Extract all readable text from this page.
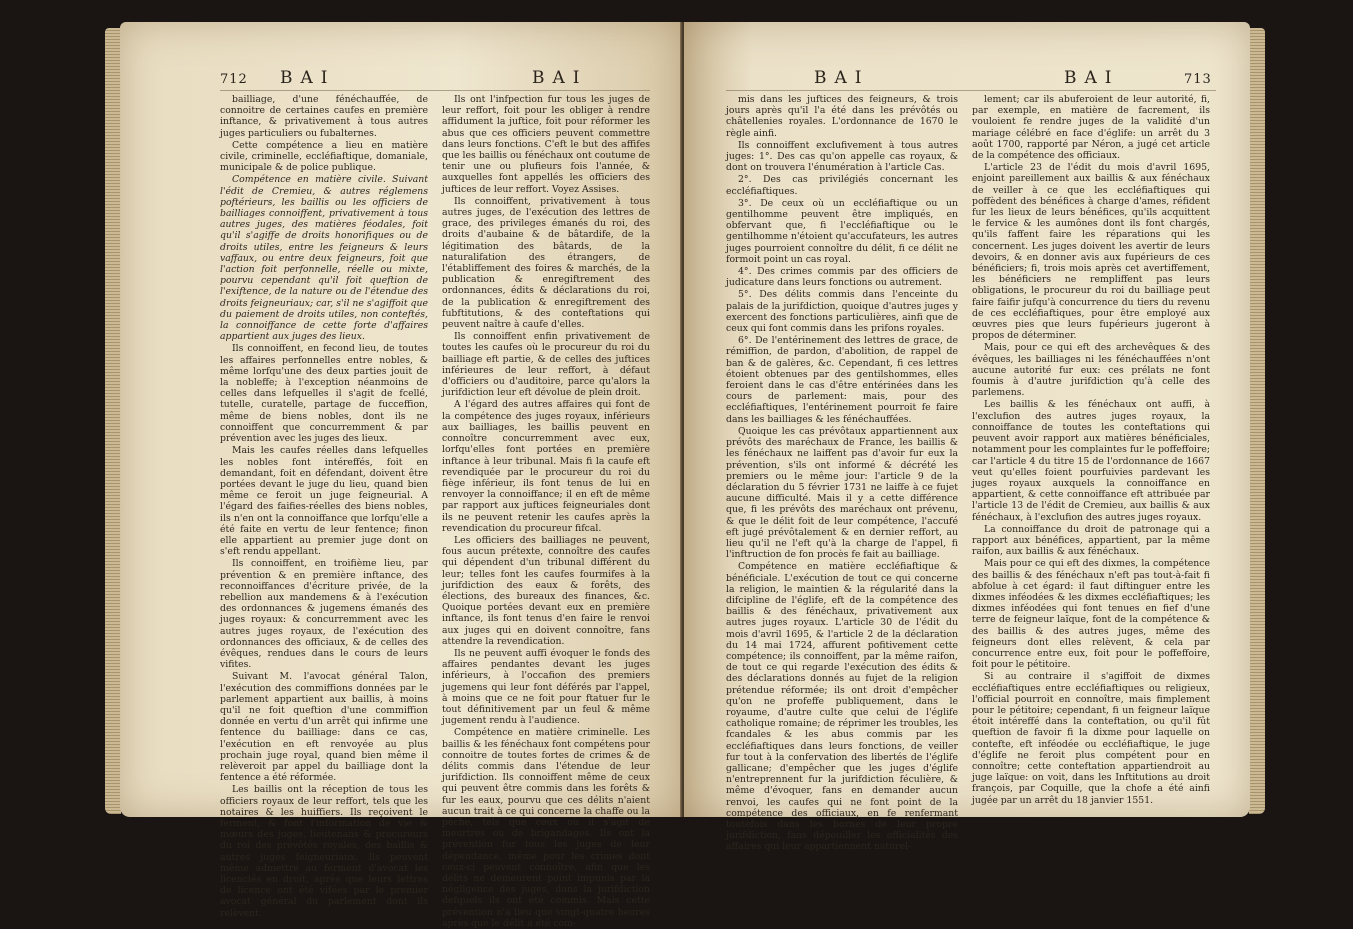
712 BAI	BAI

bailliage, d'une fénéchauffée, de connoitre de certaines caufes en première inftance, & privativement à tous autres juges particuliers ou fubalternes.

Cette compétence a lieu en matière civile, criminelle, eccléfiaftique, domaniale, municipale & de police publique.

Compétence en matière civile. Suivant l'édit de Cremieu, & autres réglemens poftérieurs, les baillis ou les officiers de bailliages connoiffent, privativement à tous autres juges, des matières féodales, foit qu'il s'agiffe de droits honorifiques ou de droits utiles, entre les feigneurs & leurs vaffaux, ou entre deux feigneurs, foit que l'action foit perfonnelle, réelle ou mixte, pourvu cependant qu'il foit queftion de l'exiftence, de la nature ou de l'étendue des droits feigneuriaux; car, s'il ne s'agiffoit que du paiement de droits utiles, non conteftés, la connoiffance de cette forte d'affaires appartient aux juges des lieux.

Ils connoiffent, en fecond lieu, de toutes les affaires perfonnelles entre nobles, & même lorfqu'une des deux parties jouit de la nobleffe; à l'exception néanmoins de celles dans lefquelles il s'agit de fcellé, tutelle, curatelle, partage de fucceffion, même de biens nobles, dont ils ne connoiffent que concurremment & par prévention avec les juges des lieux.

Mais les caufes réelles dans lefquelles les nobles font intéreffés, foit en demandant, foit en défendant, doivent être portées devant le juge du lieu, quand bien même ce feroit un juge feigneurial. A l'égard des faifies-réelles des biens nobles, ils n'en ont la connoiffance que lorfqu'elle a été faite en vertu de leur fentence; finon elle appartient au premier juge dont on s'eft rendu appellant.

Ils connoiffent, en troifième lieu, par prévention & en première inftance, des reconnoiffances d'écriture privée, de la rebellion aux mandemens & à l'exécution des ordonnances & jugemens émanés des juges royaux: & concurremment avec les autres juges royaux, de l'exécution des ordonnances des officiaux, & de celles des évêques, rendues dans le cours de leurs vifites.

Suivant M. l'avocat général Talon, l'exécution des commiffions données par le parlement appartient aux baillis, à moins qu'il ne foit queftion d'une commiffion donnée en vertu d'un arrêt qui infirme une fentence du bailliage: dans ce cas, l'exécution en eft renvoyée au plus prochain juge royal, quand bien même il relèveroit par appel du bailliage dont la fentence a été réformée.

Les baillis ont la réception de tous les officiers royaux de leur reffort, tels que les notaires & les huiffiers. Ils reçoivent le ferment, & font l'information de vie & mœurs des juges, lieutenans & procureurs du roi des prévôtés royales, des baillis & autres juges feigneuriaux. Ils peuvent même admettre au ferment d'avocat les licenciés en droit, après que leurs lettres de licence ont été vifées par le premier avocat général du parlement dont ils relèvent.

Ils ont l'infpection fur tous les juges de leur reffort, foit pour les obliger à rendre affidument la juftice, foit pour réformer les abus que ces officiers peuvent commettre dans leurs fonctions. C'eft le but des affifes que les baillis ou fénéchaux ont coutume de tenir une ou plufieurs fois l'année, & auxquelles font appellés les officiers des juftices de leur reffort. Voyez Assises.

Ils connoiffent, privativement à tous autres juges, de l'exécution des lettres de grace, des privileges émanés du roi, des droits d'aubaine & de bâtardife, de la légitimation des bâtards, de la naturalifation des étrangers, de l'établiffement des foires & marchés, de la publication & enregiftrement des ordonnances, édits & déclarations du roi, de la publication & enregiftrement des fubftitutions, & des conteftations qui peuvent naître à caufe d'elles.

Ils connoiffent enfin privativement de toutes les caufes où le procureur du roi du bailliage eft partie, & de celles des juftices inférieures de leur reffort, à défaut d'officiers ou d'auditoire, parce qu'alors la jurifdiction leur eft dévolue de plein droit.

A l'égard des autres affaires qui font de la compétence des juges royaux, inférieurs aux bailliages, les baillis peuvent en connoître concurremment avec eux, lorfqu'elles font portées en première inftance à leur tribunal. Mais fi la caufe eft revendiquée par le procureur du roi du fiège inférieur, ils font tenus de lui en renvoyer la connoiffance; il en eft de même par rapport aux juftices feigneuriales dont ils ne peuvent retenir les caufes après la revendication du procureur fifcal.

Les officiers des bailliages ne peuvent, fous aucun prétexte, connoître des caufes qui dépendent d'un tribunal différent du leur; telles font les caufes fourmifes à la jurifdiction des eaux & forêts, des élections, des bureaux des finances, &c. Quoique portées devant eux en première inftance, ils font tenus d'en faire le renvoi aux juges qui en doivent connoître, fans attendre la revendication.

Ils ne peuvent auffi évoquer le fonds des affaires pendantes devant les juges inférieurs, à l'occafion des premiers jugemens qui leur font déférés par l'appel, à moins que ce ne foit pour ftatuer fur le tout définitivement par un feul & même jugement rendu à l'audience.

Compétence en matière criminelle. Les baillis & les fénéchaux font compétens pour connoitre de toutes fortes de crimes & de délits commis dans l'étendue de leur jurifdiction. Ils connoiffent même de ceux qui peuvent être commis dans les forêts & fur les eaux, pourvu que ces délits n'aient aucun trait à ce qui concerne la chaffe ou la pêche, tels que ceux où il s'agit de meurtres ou de brigandages. Ils ont la prévention fur tous les juges de leur dépendance, même pour les crimes dont ceux-ci peuvent connoître, afin que les délits ne demeurent point impunis par la négligence des juges, dans la jurifdiction defquels ils ont été commis. Mais cette prévention n'a lieu que vingt-quatre heures après que le délit a été com-

BAI	BAI	713

mis dans les juftices des feigneurs, & trois jours après qu'il l'a été dans les prévôtés ou châtellenies royales. L'ordonnance de 1670 le règle ainfi.

Ils connoiffent exclufivement à tous autres juges: 1°. Des cas qu'on appelle cas royaux, & dont on trouvera l'énumération à l'article Cas.

2°. Des cas privilégiés concernant les eccléfiaftiques.

3°. De ceux où un eccléfiaftique ou un gentilhomme peuvent être impliqués, en obfervant que, fi l'eccléfiaftique ou le gentilhomme n'étoient qu'accufateurs, les autres juges pourroient connoître du délit, fi ce délit ne formoit point un cas royal.

4°. Des crimes commis par des officiers de judicature dans leurs fonctions ou autrement.

5°. Des délits commis dans l'enceinte du palais de la jurifdiction, quoique d'autres juges y exercent des fonctions particulières, ainfi que de ceux qui font commis dans les prifons royales.

6°. De l'entérinement des lettres de grace, de rémiffion, de pardon, d'abolition, de rappel de ban & de galères, &c. Cependant, fi ces lettres étoient obtenues par des gentilshommes, elles feroient dans le cas d'être entérinées dans les cours de parlement: mais, pour des eccléfiaftiques, l'entérinement pourroit fe faire dans les bailliages & les fénéchauffées.

Quoique les cas prévôtaux appartiennent aux prévôts des maréchaux de France, les baillis & les fénéchaux ne laiffent pas d'avoir fur eux la prévention, s'ils ont informé & décrété les premiers ou le même jour: l'article 9 de la déclaration du 5 février 1731 ne laiffe à ce fujet aucune difficulté. Mais il y a cette différence que, fi les prévôts des maréchaux ont prévenu, & que le délit foit de leur compétence, l'accufé eft jugé prévôtalement & en dernier reffort, au lieu qu'il ne l'eft qu'à la charge de l'appel, fi l'inftruction de fon procès fe fait au bailliage.

Compétence en matière eccléfiaftique & bénéficiale. L'exécution de tout ce qui concerne la religion, le maintien & la régularité dans la difcipline de l'églife, eft de la compétence des baillis & des fénéchaux, privativement aux autres juges royaux. L'article 30 de l'édit du mois d'avril 1695, & l'article 2 de la déclaration du 14 mai 1724, affurent pofitivement cette compétence; ils connoiffent, par la même raifon, de tout ce qui regarde l'exécution des édits & des déclarations donnés au fujet de la religion prétendue réformée; ils ont droit d'empêcher qu'on ne profeffe publiquement, dans le royaume, d'autre culte que celui de l'églife catholique romaine; de réprimer les troubles, les fcandales & les abus commis par les eccléfiaftiques dans leurs fonctions, de veiller fur tout à la confervation des libertés de l'églife gallicane; d'empêcher que les juges d'églife n'entreprennent fur la jurifdiction féculière, & même d'évoquer, fans en demander aucun renvoi, les caufes qui ne font point de la compétence des officiaux, en fe renfermant toutefois dans les bornes de leur propre jurifdiction, fans dépouiller les officialités des affaires qui leur appartiennent naturel-

lement; car ils abuferoient de leur autorité, fi, par exemple, en matière de facrement, ils vouloient fe rendre juges de la validité d'un mariage célébré en face d'églife: un arrêt du 3 août 1700, rapporté par Néron, a jugé cet article de la compétence des officiaux.

L'article 23 de l'édit du mois d'avril 1695, enjoint pareillement aux baillis & aux fénéchaux de veiller à ce que les eccléfiaftiques qui poffèdent des bénéfices à charge d'ames, réfident fur les lieux de leurs bénéfices, qu'ils acquittent le fervice & les aumônes dont ils font chargés, qu'ils faffent faire les réparations qui les concernent. Les juges doivent les avertir de leurs devoirs, & en donner avis aux fupérieurs de ces bénéficiers; fi, trois mois après cet avertiffement, les bénéficiers ne rempliffent pas leurs obligations, le procureur du roi du bailliage peut faire faifir jufqu'à concurrence du tiers du revenu de ces eccléfiaftiques, pour être employé aux œuvres pies que leurs fupérieurs jugeront à propos de déterminer.

Mais, pour ce qui eft des archevêques & des évêques, les bailliages ni les fénéchauffées n'ont aucune autorité fur eux: ces prélats ne font foumis à d'autre jurifdiction qu'à celle des parlemens.

Les baillis & les fénéchaux ont auffi, à l'exclufion des autres juges royaux, la connoiffance de toutes les conteftations qui peuvent avoir rapport aux matières bénéficiales, notamment pour les complaintes fur le poffeffoire; car l'article 4 du titre 15 de l'ordonnance de 1667 veut qu'elles foient pourfuivies pardevant les juges royaux auxquels la connoiffance en appartient, & cette connoiffance eft attribuée par l'article 13 de l'édit de Cremieu, aux baillis & aux fénéchaux, à l'exclufion des autres juges royaux.

La connoiffance du droit de patronage qui a rapport aux bénéfices, appartient, par la même raifon, aux baillis & aux fénéchaux.

Mais pour ce qui eft des dixmes, la compétence des baillis & des fénéchaux n'eft pas tout-à-fait fi abfolue à cet égard: il faut diftinguer entre les dixmes inféodées & les dixmes eccléfiaftiques; les dixmes inféodées qui font tenues en fief d'une terre de feigneur laïque, font de la compétence & des baillis & des autres juges, même des feigneurs dont elles relèvent, & cela par concurrence entre eux, foit pour le poffeffoire, foit pour le pétitoire.

Si au contraire il s'agiffoit de dixmes eccléfiaftiques entre eccléfiaftiques ou religieux, l'official pourroit en connoître, mais fimplement pour le pétitoire; cependant, fi un feigneur laïque étoit intéreffé dans la conteftation, ou qu'il fût queftion de favoir fi la dixme pour laquelle on conteftе, eft inféodée ou eccléfiaftique, le juge d'églife ne feroit plus compétent pour en connoître; cette conteftation appartiendroit au juge laïque: on voit, dans les Inftitutions au droit françois, par Coquille, que la chofe a été ainfi jugée par un arrêt du 18 janvier 1551.
